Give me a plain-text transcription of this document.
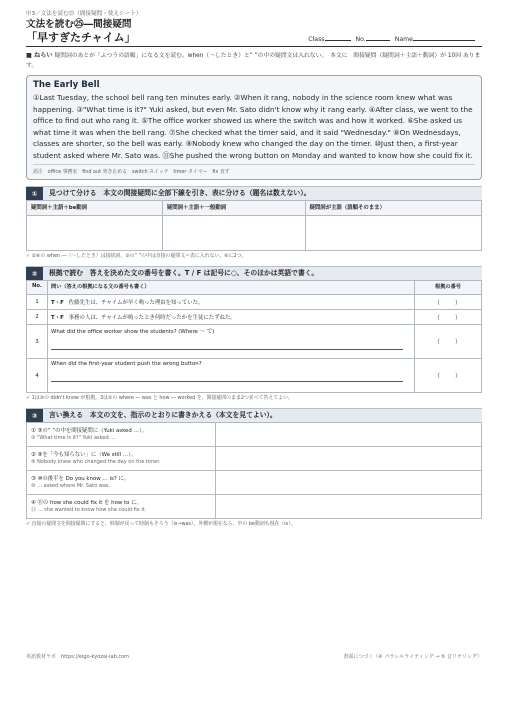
中3／文法を読む㉕（間接疑問・使えシート）
文法を読む㉕―間接疑問
「早すぎたチャイム」	Class	No.	Name
■ ねらい 疑問詞のあとが「ふつうの語順」になる文を読む。when（〜したとき）と“ ”の中の疑問文は入れない。　本文に　間接疑問（疑問詞＋主語＋動詞）が 10回 あります。
The Early Bell
①Last Tuesday, the school bell rang ten minutes early. ②When it rang, nobody in the science room knew what was happening. ③"What time is it?" Yuki asked, but even Mr. Sato didn't know why it rang early. ④After class, we went to the office to find out who rang it. ⑤The office worker showed us where the switch was and how it worked. ⑥She asked us what time it was when the bell rang. ⑦She checked what the timer said, and it said "Wednesday." ⑧On Wednesdays, classes are shorter, so the bell was early. ⑨Nobody knew who changed the day on the timer. ⑩Just then, a first-year student asked where Mr. Sato was. ⑪She pushed the wrong button on Monday and wanted to know how she could fix it.
語注　office 事務室　find out 突き止める　switch スイッチ　timer タイマー　fix 直す
①	見つけて分ける　本文の間接疑問に全部下線を引き、表に分ける（題名は数えない）。
疑問詞＋主語＋be動詞	疑問詞＋主語＋一般動詞	疑問詞が主語（語順そのまま）

✓ ②⑥の when ―（〜したとき）は接続詞。③の“ ”の中は直接の疑問文＝表に入れない。⑥に2つ。
②	根拠で読む　答えを決めた文の番号を書く。T / F は記号に○、そのほかは英語で書く。
No.	問い（答えの根拠になる文の番号も書く）	根拠の番号
1	T・F 佐藤先生は、チャイムが早く鳴った理由を知っていた。	（　　）
2	T・F 事務の人は、チャイムが鳴ったとき何時だったかを生徒にたずねた。	（　　）
3	What did the office worker show the students? (Where 〜 で)	（　　）
4	When did the first-year student push the wrong button?	（　　）
✓ 1は③の didn't know が根拠。3は⑤の where ― was と how ― worked を、間接疑問のまま2つ並べて答えてよい。
③	言い換える　本文の文を、指示のとおりに書きかえる（本文を見てよい）。
① ③の“ ”の中を間接疑問に（Yuki asked …）。
③ "What time is it?" Yuki asked. …	

② ⑨を「今も知らない」に（We still …）。
⑨ Nobody knew who changed the day on the timer.	

③ ⑩の後半を Do you know … is? に。
⑩ … asked where Mr. Sato was.	

④ ⑪の how she could fix it を how to に。
⑪ … she wanted to know how she could fix it.	

✓ 直接の疑問文を間接疑問にすると、時制が戻って時制もそろう（is→was）。外側が現在なら、中の be動詞も現在（is）。
英語教材ラボ　https://eigo-kyozai-lab.com	書面につづく（④ パラレルライティング → ⑤ 音リテリング）
